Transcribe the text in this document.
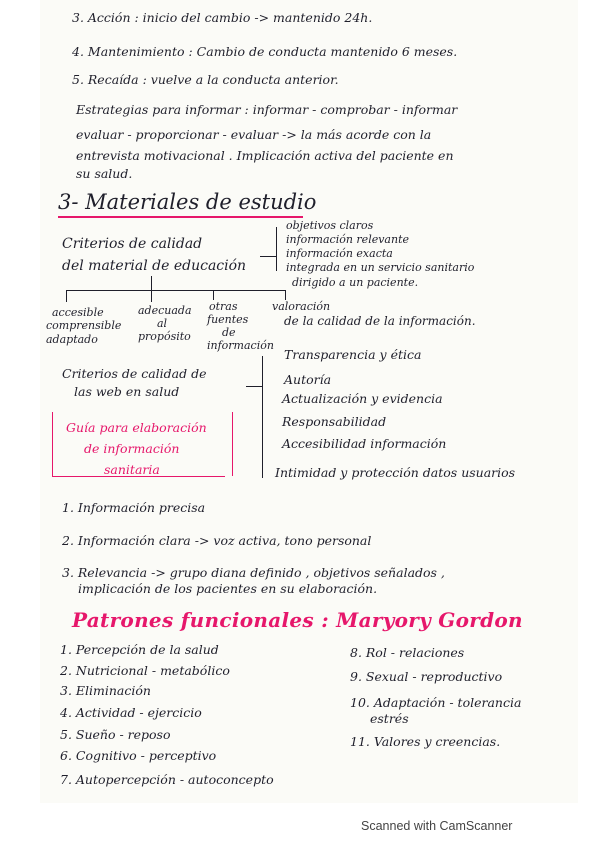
3. Acción : inicio del cambio -> mantenido 24h.
4. Mantenimiento : Cambio de conducta mantenido 6 meses.
5. Recaída : vuelve a la conducta anterior.
Estrategias para informar : informar - comprobar - informar
evaluar - proporcionar - evaluar -> la más acorde con la
entrevista motivacional . Implicación activa del paciente en
su salud.
3- Materiales de estudio
Criterios de calidad
del material de educación
objetivos claros
información relevante
información exacta
integrada en un servicio sanitario
dirigido a un paciente.
accesible
comprensible
adaptado
adecuada
al
propósito
otras
fuentes
de
información
valoración
de la calidad de la información.
Criterios de calidad de
las web en salud
Transparencia y ética
Autoría
Actualización y evidencia
Responsabilidad
Accesibilidad información
Intimidad y protección datos usuarios
Guía para elaboración
de información
sanitaria
1. Información precisa
2. Información clara -> voz activa, tono personal
3. Relevancia -> grupo diana definido , objetivos señalados ,
implicación de los pacientes en su elaboración.
Patrones funcionales : Maryory Gordon
1. Percepción de la salud
2. Nutricional - metabólico
3. Eliminación
4. Actividad - ejercicio
5. Sueño - reposo
6. Cognitivo - perceptivo
7. Autopercepción - autoconcepto
8. Rol - relaciones
9. Sexual - reproductivo
10. Adaptación - tolerancia
estrés
11. Valores y creencias.
Scanned with CamScanner
